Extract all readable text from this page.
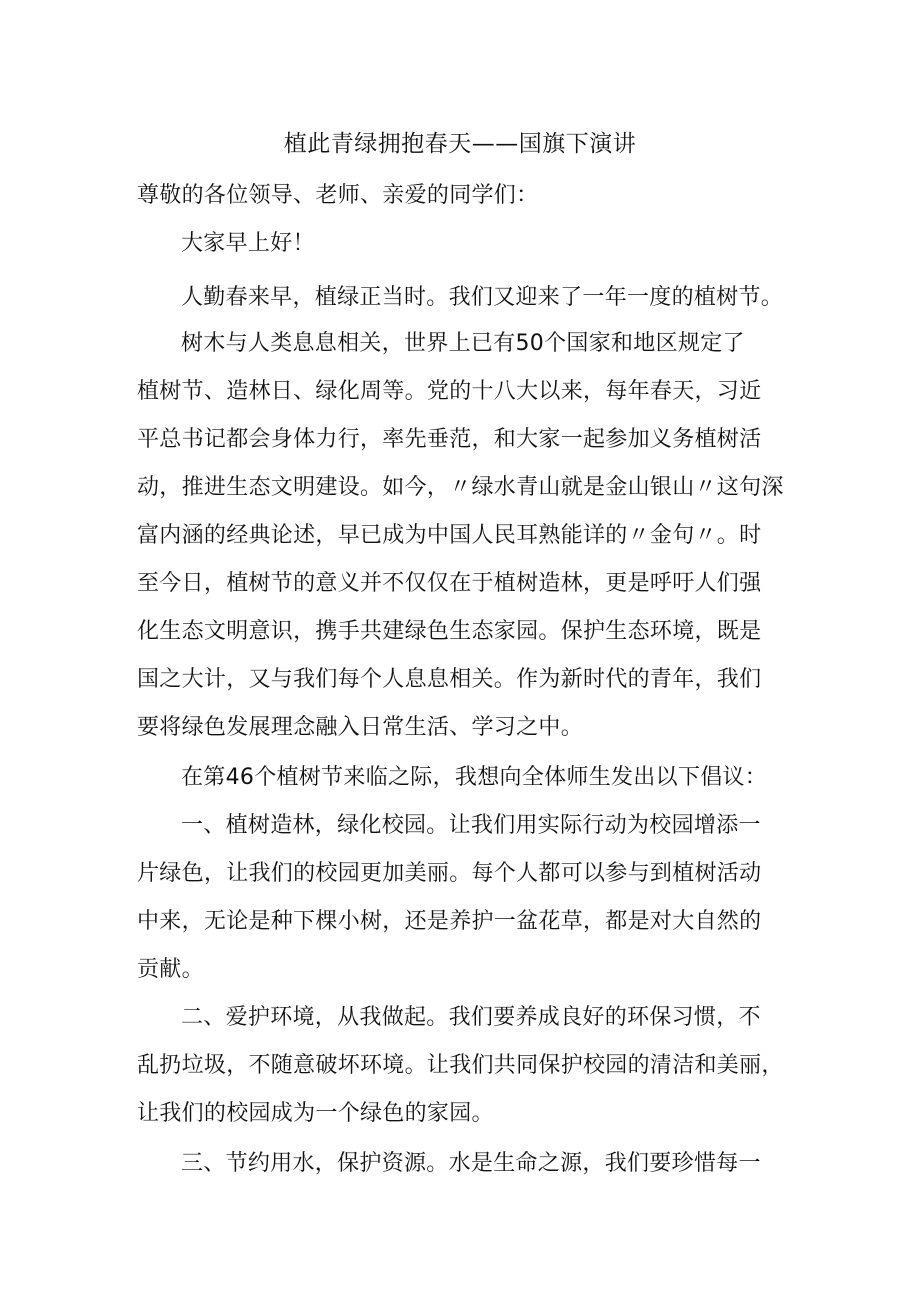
植此青绿拥抱春天——国旗下演讲
尊敬的各位领导、老师、亲爱的同学们：
大家早上好！
人勤春来早，植绿正当时。我们又迎来了一年一度的植树节。
树木与人类息息相关，世界上已有50个国家和地区规定了
植树节、造林日、绿化周等。党的十八大以来，每年春天，习近
平总书记都会身体力行，率先垂范，和大家一起参加义务植树活
动，推进生态文明建设。如今，〃绿水青山就是金山银山〃这句深
富内涵的经典论述，早已成为中国人民耳熟能详的〃金句〃。时
至今日，植树节的意义并不仅仅在于植树造林，更是呼吁人们强
化生态文明意识，携手共建绿色生态家园。保护生态环境，既是
国之大计，又与我们每个人息息相关。作为新时代的青年，我们
要将绿色发展理念融入日常生活、学习之中。
在第46个植树节来临之际，我想向全体师生发出以下倡议：
一、植树造林，绿化校园。让我们用实际行动为校园增添一
片绿色，让我们的校园更加美丽。每个人都可以参与到植树活动
中来，无论是种下棵小树，还是养护一盆花草，都是对大自然的
贡献。
二、爱护环境，从我做起。我们要养成良好的环保习惯，不
乱扔垃圾，不随意破坏环境。让我们共同保护校园的清洁和美丽，
让我们的校园成为一个绿色的家园。
三、节约用水，保护资源。水是生命之源，我们要珍惜每一
